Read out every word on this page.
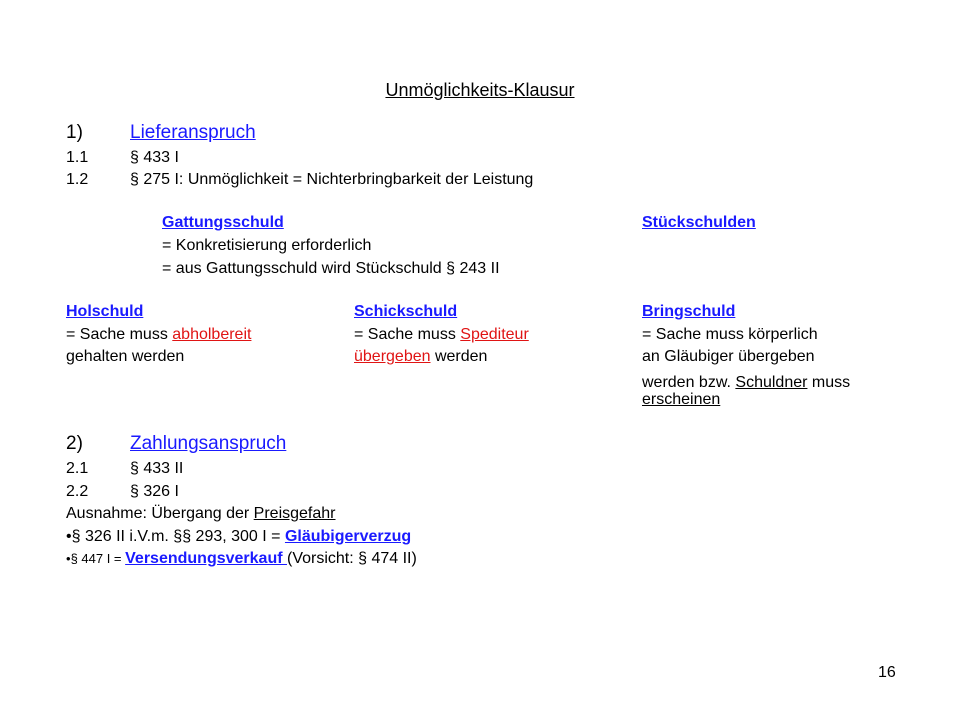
Unmöglichkeits-Klausur
1) Lieferanspruch
1.1	§ 433 I
1.2	§ 275 I: Unmöglichkeit = Nichterbringbarkeit der Leistung
Gattungsschuld	Stückschulden
= Konkretisierung erforderlich
= aus Gattungsschuld wird Stückschuld § 243 II
Holschuld
= Sache muss abholbereit
gehalten werden
Schickschuld
= Sache muss Spediteur
übergeben werden
Bringschuld
= Sache muss körperlich
an Gläubiger übergeben
werden bzw. Schuldner muss
erscheinen
2) Zahlungsanspruch
2.1	§ 433 II
2.2	§ 326 I
Ausnahme: Übergang der Preisgefahr
•§ 326 II i.V.m. §§ 293, 300 I = Gläubigerverzug
•§ 447 I = Versendungsverkauf (Vorsicht: § 474 II)
16
